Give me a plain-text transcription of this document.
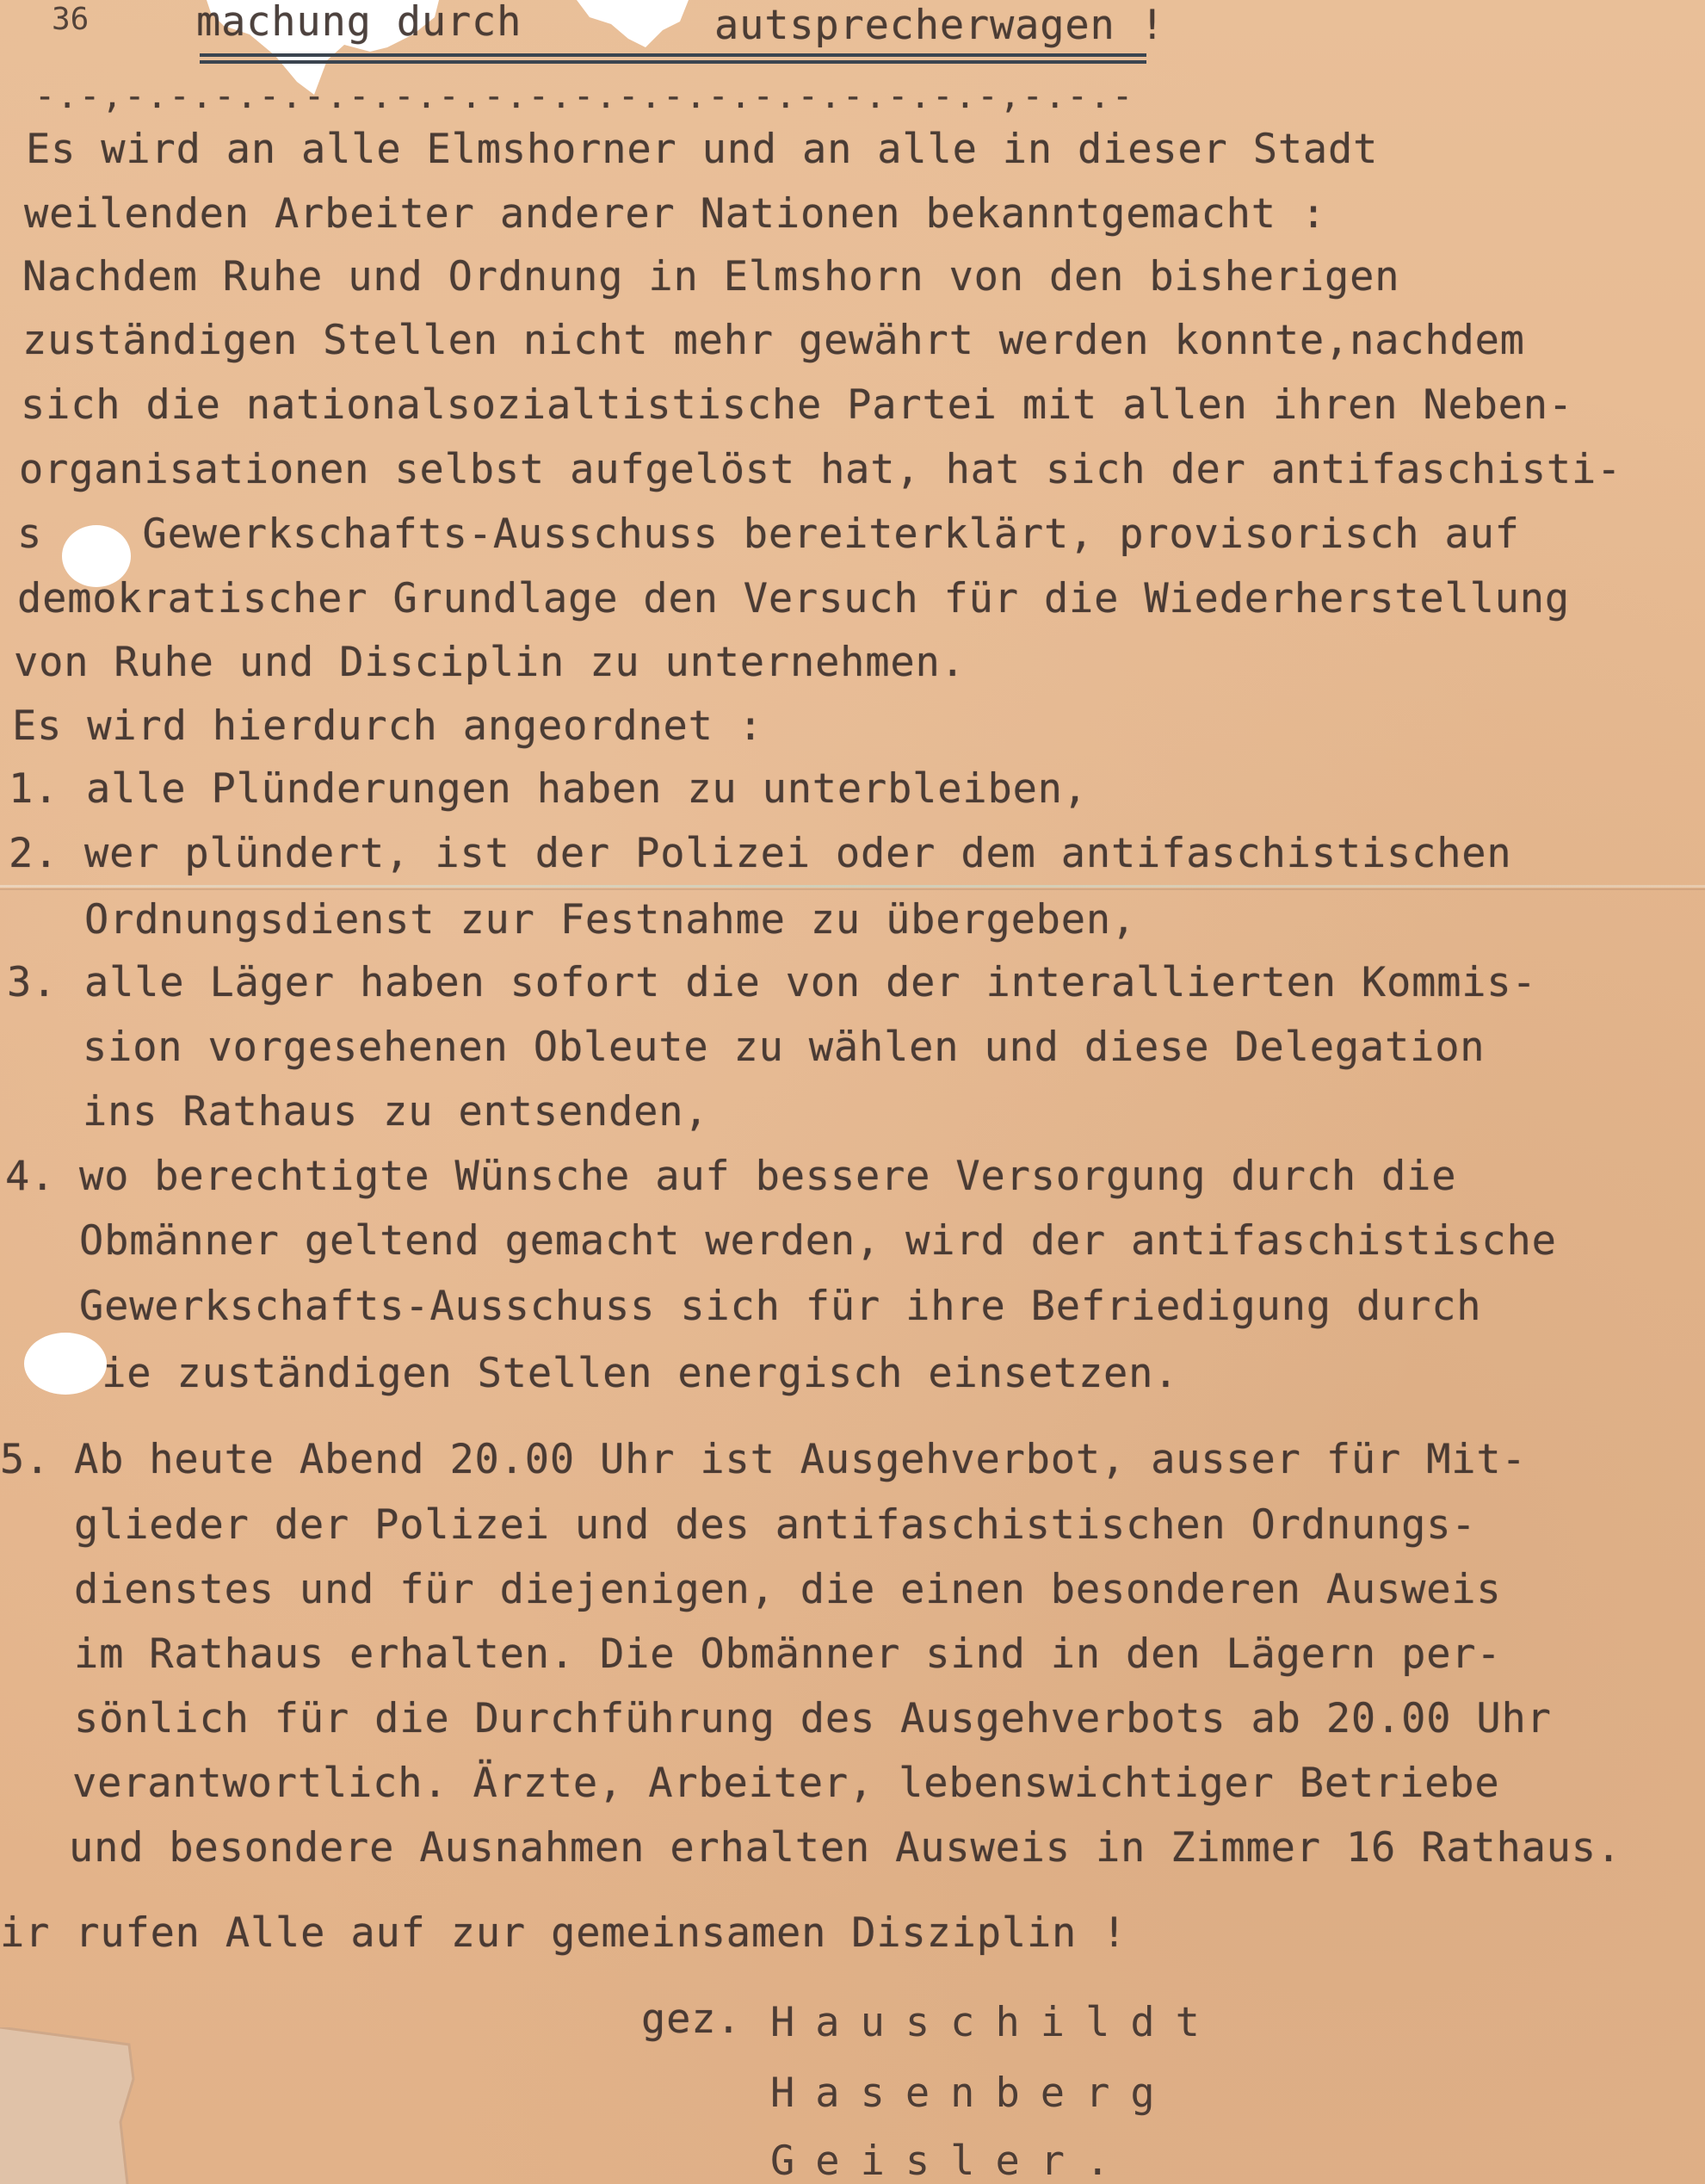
36	machung durch	autsprecherwagen !
-.-,-.-.-.-.-.-.-.-.-.-.-.-.-.-.-.-.-.-.-.-,-.-.-
Es wird an alle Elmshorner und an alle in dieser Stadt
weilenden Arbeiter anderer Nationen bekanntgemacht :
Nachdem Ruhe und Ordnung in Elmshorn von den bisherigen
zuständigen Stellen nicht mehr gewährt werden konnte,nachdem
sich die nationalsozialtistische Partei mit allen ihren Neben-
organisationen selbst aufgelöst hat, hat sich der antifaschisti-
s    Gewerkschafts-Ausschuss bereiterklärt, provisorisch auf
demokratischer Grundlage den Versuch für die Wiederherstellung
von Ruhe und Disciplin zu unternehmen.
Es wird hierdurch angeordnet :
1. alle Plünderungen haben zu unterbleiben,
2. wer plündert, ist der Polizei oder dem antifaschistischen
Ordnungsdienst zur Festnahme zu übergeben,
3. alle Läger haben sofort die von der interallierten Kommis-
sion vorgesehenen Obleute zu wählen und diese Delegation
ins Rathaus zu entsenden,
4. wo berechtigte Wünsche auf bessere Versorgung durch die
Obmänner geltend gemacht werden, wird der antifaschistische
Gewerkschafts-Ausschuss sich für ihre Befriedigung durch
ie zuständigen Stellen energisch einsetzen.
5. Ab heute Abend 20.00 Uhr ist Ausgehverbot, ausser für Mit-
glieder der Polizei und des antifaschistischen Ordnungs-
dienstes und für diejenigen, die einen besonderen Ausweis
im Rathaus erhalten. Die Obmänner sind in den Lägern per-
sönlich für die Durchführung des Ausgehverbots ab 20.00 Uhr
verantwortlich. Ärzte, Arbeiter, lebenswichtiger Betriebe
und besondere Ausnahmen erhalten Ausweis in Zimmer 16 Rathaus.
ir rufen Alle auf zur gemeinsamen Disziplin !
gez. Hauschildt
Hasenberg
Geisler.
